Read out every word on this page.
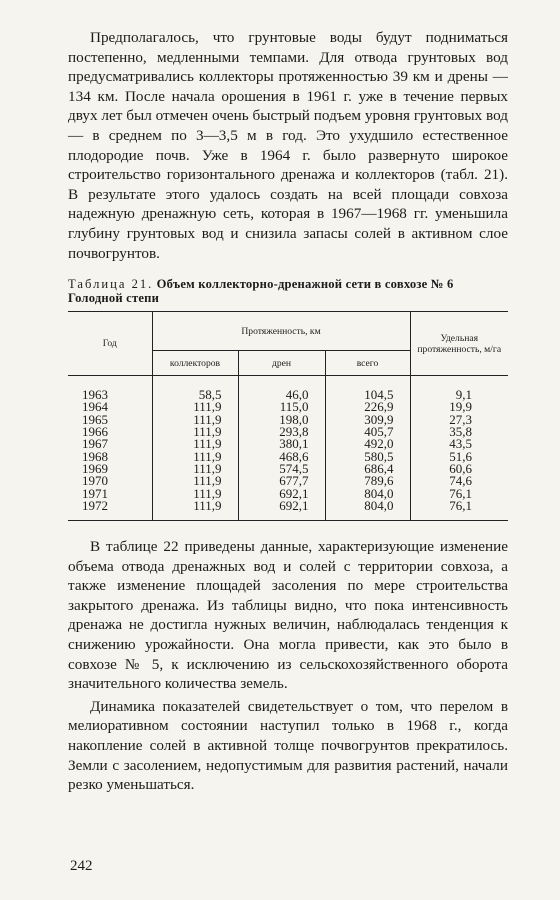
Предполагалось, что грунтовые воды будут подниматься постепенно, медленными темпами. Для отвода грунтовых вод предусматривались коллекторы протяженностью 39 км и дрены — 134 км. После начала орошения в 1961 г. уже в течение первых двух лет был отмечен очень быстрый подъем уровня грунтовых вод — в среднем по 3—3,5 м в год. Это ухудшило естественное плодородие почв. Уже в 1964 г. было развернуто широкое строительство горизонтального дренажа и коллекторов (табл. 21). В результате этого удалось создать на всей площади совхоза надежную дренажную сеть, которая в 1967—1968 гг. уменьшила глубину грунтовых вод и снизила запасы солей в активном слое почвогрунтов.

Таблица 21. Объем коллекторно-дренажной сети в совхозе № 6 Голодной степи

Год	Протяженность, км			Удельная протяженность, м/га
	коллекторов	дрен	всего	
1963	58,5	46,0	104,5	9,1
1964	111,9	115,0	226,9	19,9
1965	111,9	198,0	309,9	27,3
1966	111,9	293,8	405,7	35,8
1967	111,9	380,1	492,0	43,5
1968	111,9	468,6	580,5	51,6
1969	111,9	574,5	686,4	60,6
1970	111,9	677,7	789,6	74,6
1971	111,9	692,1	804,0	76,1
1972	111,9	692,1	804,0	76,1

В таблице 22 приведены данные, характеризующие изменение объема отвода дренажных вод и солей с территории совхоза, а также изменение площадей засоления по мере строительства закрытого дренажа. Из таблицы видно, что пока интенсивность дренажа не достигла нужных величин, наблюдалась тенденция к снижению урожайности. Она могла привести, как это было в совхозе № 5, к исключению из сельскохозяйственного оборота значительного количества земель.

Динамика показателей свидетельствует о том, что перелом в мелиоративном состоянии наступил только в 1968 г., когда накопление солей в активной толще почвогрунтов прекратилось. Земли с засолением, недопустимым для развития растений, начали резко уменьшаться.

242
